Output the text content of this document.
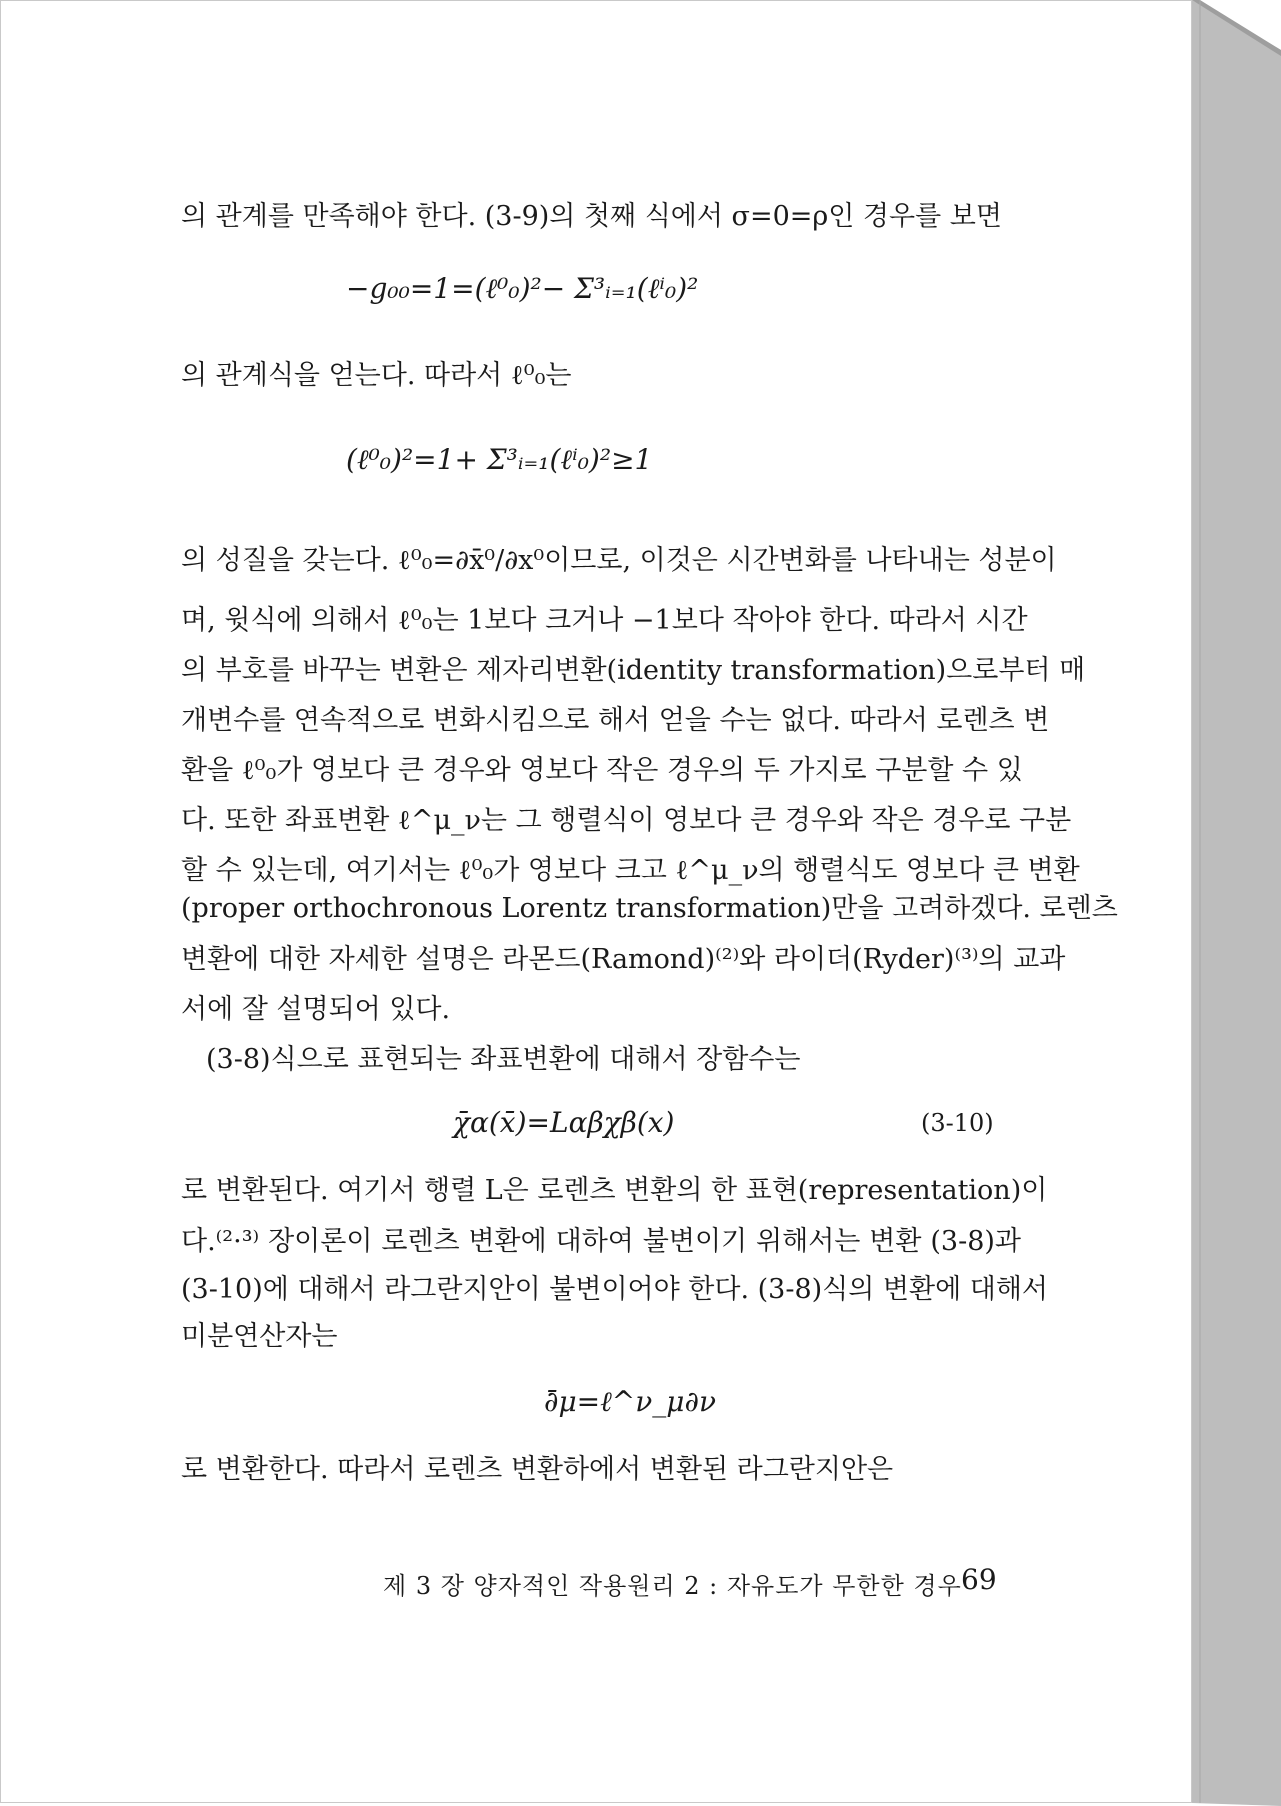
의 관계를 만족해야 한다. (3-9)의 첫째 식에서 σ=0=ρ인 경우를 보면
−g₀₀=1=(ℓ⁰₀)²− Σ³ᵢ₌₁(ℓⁱ₀)²
의 관계식을 얻는다. 따라서 ℓ⁰₀는
(ℓ⁰₀)²=1+ Σ³ᵢ₌₁(ℓⁱ₀)²≥1
의 성질을 갖는다. ℓ⁰₀=∂x̄⁰/∂x⁰이므로, 이것은 시간변화를 나타내는 성분이
며, 윗식에 의해서 ℓ⁰₀는 1보다 크거나 −1보다 작아야 한다. 따라서 시간
의 부호를 바꾸는 변환은 제자리변환(identity transformation)으로부터 매
개변수를 연속적으로 변화시킴으로 해서 얻을 수는 없다. 따라서 로렌츠 변
환을 ℓ⁰₀가 영보다 큰 경우와 영보다 작은 경우의 두 가지로 구분할 수 있
다. 또한 좌표변환 ℓ^μ_ν는 그 행렬식이 영보다 큰 경우와 작은 경우로 구분
할 수 있는데, 여기서는 ℓ⁰₀가 영보다 크고 ℓ^μ_ν의 행렬식도 영보다 큰 변환
(proper orthochronous Lorentz transformation)만을 고려하겠다. 로렌츠
변환에 대한 자세한 설명은 라몬드(Ramond)⁽²⁾와 라이더(Ryder)⁽³⁾의 교과
서에 잘 설명되어 있다.
(3-8)식으로 표현되는 좌표변환에 대해서 장함수는
χ̄α(x̄)=Lαβχβ(x)	(3-10)
로 변환된다. 여기서 행렬 L은 로렌츠 변환의 한 표현(representation)이
다.⁽²·³⁾ 장이론이 로렌츠 변환에 대하여 불변이기 위해서는 변환 (3-8)과
(3-10)에 대해서 라그란지안이 불변이어야 한다. (3-8)식의 변환에 대해서
미분연산자는
∂̄μ=ℓ^ν_μ∂ν
로 변환한다. 따라서 로렌츠 변환하에서 변환된 라그란지안은
제 3 장 양자적인 작용원리 2 : 자유도가 무한한 경우 69
